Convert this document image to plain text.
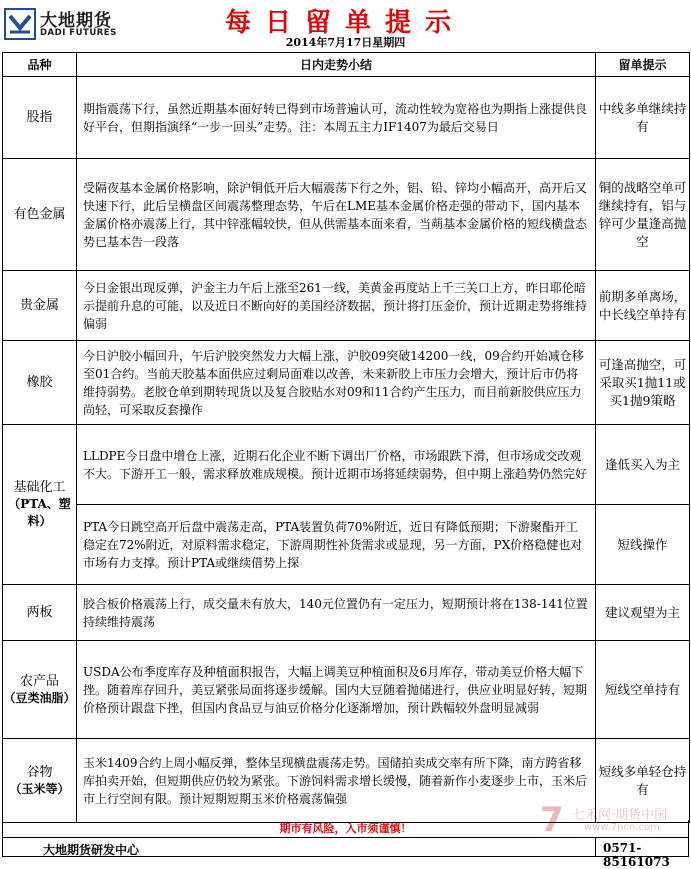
大地期货
DADI FUTURES	每日留单提示
2014年7月17日星期四
品种	日内走势小结	留单提示
股指	期指震荡下行，虽然近期基本面好转已得到市场普遍认可，流动性较为宽裕也为期指上涨提供良好平台，但期指演绎“一步一回头”走势。注：本周五主力IF1407为最后交易日	中线多单继续持有
有色金属	受隔夜基本金属价格影响，除沪铜低开后大幅震荡下行之外，铝、铅、锌均小幅高开，高开后又快速下行，此后呈横盘区间震荡整理态势，午后在LME基本金属价格走强的带动下，国内基本金属价格亦震荡上行，其中锌涨幅较快，但从供需基本面来看，当蒴基本金属价格的短线横盘态势已基本告一段落	铜的战略空单可继续持有，铝与锌可少量逢高抛空
贵金属	今日金银出现反弹，沪金主力午后上涨至261一线，美黄金再度站上千三关口上方，昨日耶伦暗示提前升息的可能，以及近日不断向好的美国经济数据，预计将打压金价，预计近期走势将维持偏弱	前期多单离场，中长线空单持有
橡胶	今日沪胶小幅回升，午后沪胶突然发力大幅上涨，沪胶09突破14200一线，09合约开始减仓移至01合约。当前天胶基本面供应过剩局面难以改善，未来新胶上市压力会增大，预计后市仍将维持弱势。老胶仓单到期转现货以及复合胶贴水对09和11合约产生压力，而目前新胶供应压力尚轻，可采取反套操作	可逢高抛空，可采取买1抛11或买1抛9策略

基础化工
（PTA、塑料）	LLDPE今日盘中增仓上涨，近期石化企业不断下调出厂价格，市场跟跌下滑，但市场成交改观不大。下游开工一般，需求释放难成规模。预计近期市场将延续弱势，但中期上涨趋势仍然完好	逢低买入为主
	PTA今日跳空高开后盘中震荡走高，PTA装置负荷70%附近，近日有降低预期；下游聚酯开工稳定在72%附近，对原料需求稳定，下游周期性补货需求或显现，另一方面，PX价格稳健也对市场有力支撑。预计PTA或继续借势上探	短线操作
两板	胶合板价格震荡上行，成交量未有放大，140元位置仍有一定压力，短期预计将在138-141位置持续维持震荡	建议观望为主

农产品
（豆类油脂）	USDA公布季度库存及种植面积报告，大幅上调美豆种植面积及6月库存，带动美豆价格大幅下挫。随着库存回升，美豆紧张局面将逐步缓解。国内大豆随着抛储进行，供应业明显好转，短期价格预计跟盘下挫，但国内食品豆与油豆价格分化逐渐增加，预计跌幅较外盘明显减弱	短线空单持有

谷物
（玉米等）	玉米1409合约上周小幅反弹，整体呈现横盘震荡走势。国储拍卖成交率有所下降，南方跨省移库拍卖开始，但短期供应仍较为紧张。下游饲料需求增长缓慢，随着新作小麦逐步上市，玉米后市上行空间有限。预计短期短期玉米价格震荡偏强	短线多单轻仓持有
7 七禾网·期货中国
www.7hcn.com
期市有风险，入市须谨慎！
大地期货研发中心	0571-85161073
